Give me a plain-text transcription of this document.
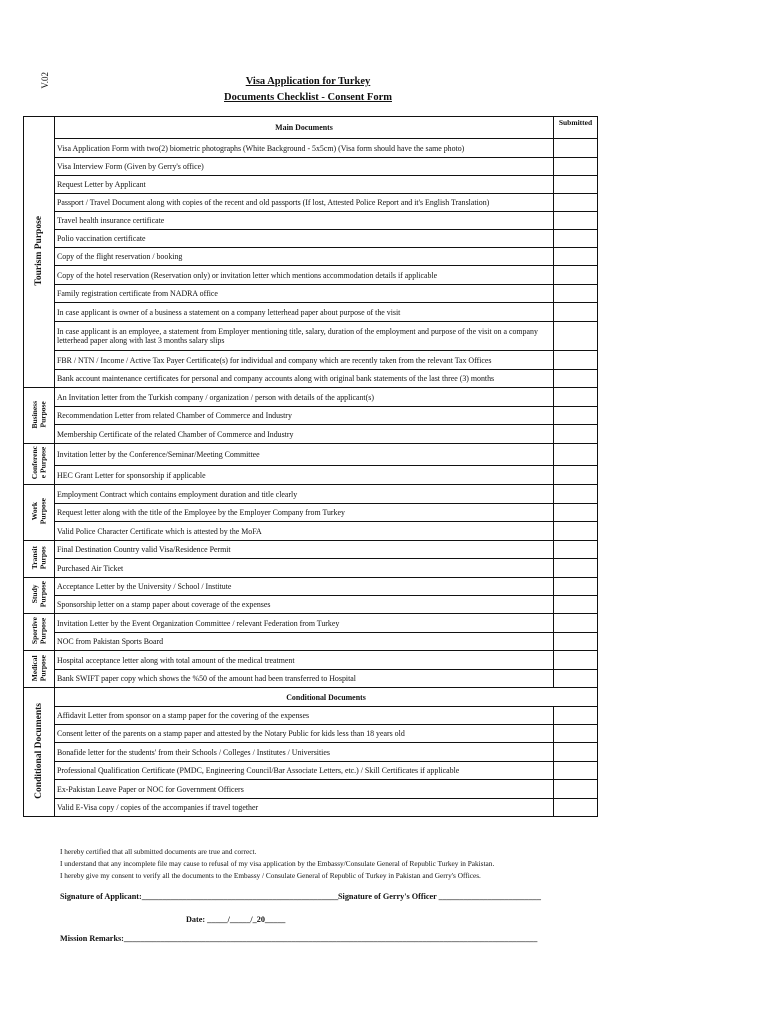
V.02	Visa Application for Turkey
Documents Checklist - Consent Form
Tourism Purpose	Main Documents	Submitted
	Visa Application Form with two(2) biometric photographs (White Background - 5x5cm) (Visa form should have the same photo)	
	Visa Interview Form (Given by Gerry's office)	
	Request Letter by Applicant	
	Passport / Travel Document along with copies of the recent and old passports (If lost, Attested Police Report and it's English Translation)	
	Travel health insurance certificate	
	Polio vaccination certificate	
	Copy of the flight reservation / booking	
	Copy of the hotel reservation (Reservation only) or invitation letter which mentions accommodation details if applicable	
	Family registration certificate from NADRA office	
	In case applicant is owner of a business a statement on a company letterhead paper about purpose of the visit	
	In case applicant is an employee, a statement from Employer mentioning title, salary, duration of the employment and purpose of the visit on a company letterhead paper along with last 3 months salary slips	
	FBR / NTN / Income / Active Tax Payer Certificate(s) for individual and company which are recently taken from the relevant Tax Offices	
	Bank account maintenance certificates for personal and company accounts along with original bank statements of the last three (3) months	
Business
Purpose	An Invitation letter from the Turkish company / organization / person with details of the applicant(s)	
	Recommendation Letter from related Chamber of Commerce and Industry	
	Membership Certificate of the related Chamber of Commerce and Industry	
Conferenc
e Purpose	Invitation letter by the Conference/Seminar/Meeting Committee	
	HEC Grant Letter for sponsorship if applicable	
Work
Purpose	Employment Contract which contains employment duration and title clearly	
	Request letter along with the title of the Employee by the Employer Company from Turkey	
	Valid Police Character Certificate which is attested by the MoFA	
Transit
Purpos	Final Destination Country valid Visa/Residence Permit	
	Purchased Air Ticket	
Study
Purpose	Acceptance Letter by the University / School / Institute	
	Sponsorship letter on a stamp paper about coverage of the expenses	
Sportive
Purpose	Invitation Letter by the Event Organization Committee / relevant Federation from Turkey	
	NOC from Pakistan Sports Board	
Medical
Purpose	Hospital acceptance letter along with total amount of the medical treatment	
	Bank SWIFT paper copy which shows the %50 of the amount had been transferred to Hospital	
Conditional Documents	Conditional Documents	
	Affidavit Letter from sponsor on a stamp paper for the covering of the expenses	
	Consent letter of the parents on a stamp paper and attested by the Notary Public for kids less than 18 years old	
	Bonafide letter for the students' from their Schools / Colleges / Institutes / Universities	
	Professional Qualification Certificate (PMDC, Engineering Council/Bar Associate Letters, etc.) / Skill Certificates if applicable	
	Ex-Pakistan Leave Paper or NOC for Government Officers	
	Valid E-Visa copy / copies of the accompanies if travel together	
I hereby certified that all submitted documents are true and correct.
I understand that any incomplete file may cause to refusal of my visa application by the Embassy/Consulate General of Republic Turkey in Pakistan.
I hereby give my consent to verify all the documents to the Embassy / Consulate General of Republic of Turkey in Pakistan and Gerry's Offices.
Signature of Applicant:________________________________________________ Signature of Gerry's Officer _________________________
Date: _____/_____/_20_____
Mission Remarks:_____________________________________________________________________________________________________
